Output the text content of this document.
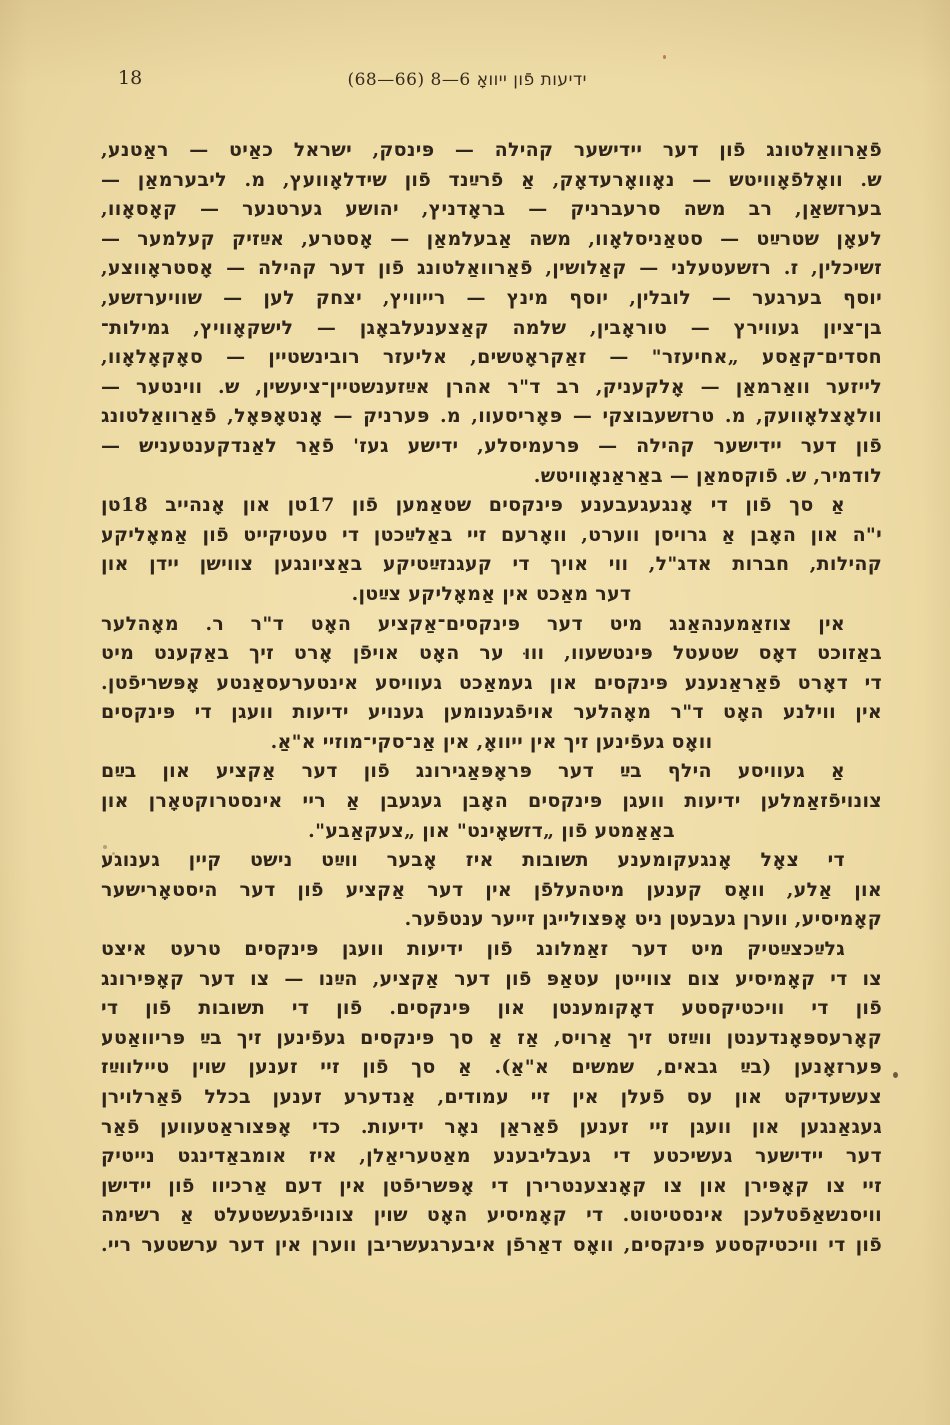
ידיעות פֿון ייוואָ 6—8 (66—68)
18
פֿאַרוואַלטונג פֿון דער יידישער קהילה — פּינסק, ישראל כאַיט — ראַטנע,
ש. וואָלפֿאָוויטש — נאָוואָרעדאָק, אַ פֿרײַנד פֿון שידלאָוועץ, מ. ליבערמאַן —
בערזשאַן, רב משה סרעברניק — בראָדניץ, יהושע גערטנער — קאָסאָוו,
לעאָן שטרײַט — סטאַניסלאָוו, משה אַבעלמאַן — אָסטרע, אײַזיק קעלמער —
זשיכלין, ז. רזשעטעלני — קאַלושין, פֿאַרוואַלטונג פֿון דער קהילה — אָסטראָווצע,
יוסף בערגער — לובלין, יוסף מינץ — רייוויץ, יצחק לען — שוויערזשע,
בן־ציון געווירץ — טוראָבין, שלמה קאַצענעלבאָגן — לישקאָוויץ, גמילות־
חסדים־קאַסע „אחיעזר" — זאַקראָטשים, אליעזר רובינשטיין — סאָקאָלאָוו,
לייזער וואַרמאַן — אָלקעניק, רב ד"ר אהרן אײַזענשטיין־ציעשין, ש. ווינטער —
וולאָצלאָוועק, מ. טרזשעבוצקי — פּאָריסעוו, מ. פּערניק — אָנטאָפּאָל, פֿאַרוואַלטונג
פֿון דער יידישער קהילה — פּרעמיסלע, ידישע געז' פֿאַר לאַנדקענטעניש —
לודמיר, ש. פֿוקסמאַן — באַראַנאָוויטש.
אַ סך פֿון די אָנגעגעבענע פּינקסים שטאַמען פֿון 17טן און אָנהייב 18טן
י"ה און האָבן אַ גרויסן ווערט, וואָרעם זיי באַלײַכטן די טעטיקייט פֿון אַמאָליקע
קהילות, חברות אדג"ל, ווי אויך די קעגנזײַטיקע באַציונגען צווישן יידן און
דער מאַכט אין אַמאָליקע צײַטן.
אין צוזאַמענהאַנג מיט דער פּינקסים־אַקציע האָט ד"ר ר. מאָהלער
באַזוכט דאָס שטעטל פּינטשעוו, וווּ ער האָט אויפֿן אָרט זיך באַקענט מיט
די דאָרט פֿאַראַנענע פּינקסים און געמאַכט געוויסע אינטערעסאַנטע אָפּשריפֿטן.
אין ווילנע האָט ד"ר מאָהלער אויפֿגענומען גענויע ידיעות וועגן די פּינקסים
וואָס געפֿינען זיך אין ייוואָ, אין אַנ־סקי־מוזיי א"אַ.
אַ געוויסע הילף בײַ דער פּראָפּאַגירונג פֿון דער אַקציע און בײַם
צונויפֿזאַמלען ידיעות וועגן פּינקסים האָבן געגעבן אַ ריי אינסטרוקטאָרן און
באַאַמטע פֿון „דזשאָינט" און „צעקאַבע".
די צאָל אָנגעקומענע תשובות איז אָבער ווײַט נישט קיין גענוגע
און אַלע, וואָס קענען מיטהעלפֿן אין דער אַקציע פֿון דער היסטאָרישער
קאָמיסיע, ווערן געבעטן ניט אָפּצולייגן זייער ענטפֿער.
גלײַכצײַטיק מיט דער זאַמלונג פֿון ידיעות וועגן פּינקסים טרעט איצט
צו די קאָמיסיע צום צווייטן עטאַפּ פֿון דער אַקציע, הײַנו — צו דער קאָפּירונג
פֿון די וויכטיקסטע דאָקומענטן און פּינקסים. פֿון די תשובות פֿון די
קאָרעספּאָנדענטן ווײַזט זיך אַרויס, אַז אַ סך פּינקסים געפֿינען זיך בײַ פּריוואַטע
פּערזאָנען (בײַ גבאים, שמשים א"אַ). אַ סך פֿון זיי זענען שוין טיילווײַז
צעשעדיקט און עס פֿעלן אין זיי עמודים, אַנדערע זענען בכלל פֿאַרלוירן
געגאַנגען און וועגן זיי זענען פֿאַראַן נאָר ידיעות. כדי אָפּצוראַטעווען פֿאַר
דער יידישער געשיכטע די געבליבענע מאַטעריאַלן, איז אומבאַדינגט נייטיק
זיי צו קאָפּירן און צו קאָנצענטרירן די אָפּשריפֿטן אין דעם אַרכיוו פֿון יידישן
וויסנשאַפֿטלעכן אינסטיטוט. די קאָמיסיע האָט שוין צונויפֿגעשטעלט אַ רשימה
פֿון די וויכטיקסטע פּינקסים, וואָס דאַרפֿן איבערגעשריבן ווערן אין דער ערשטער ריי.
